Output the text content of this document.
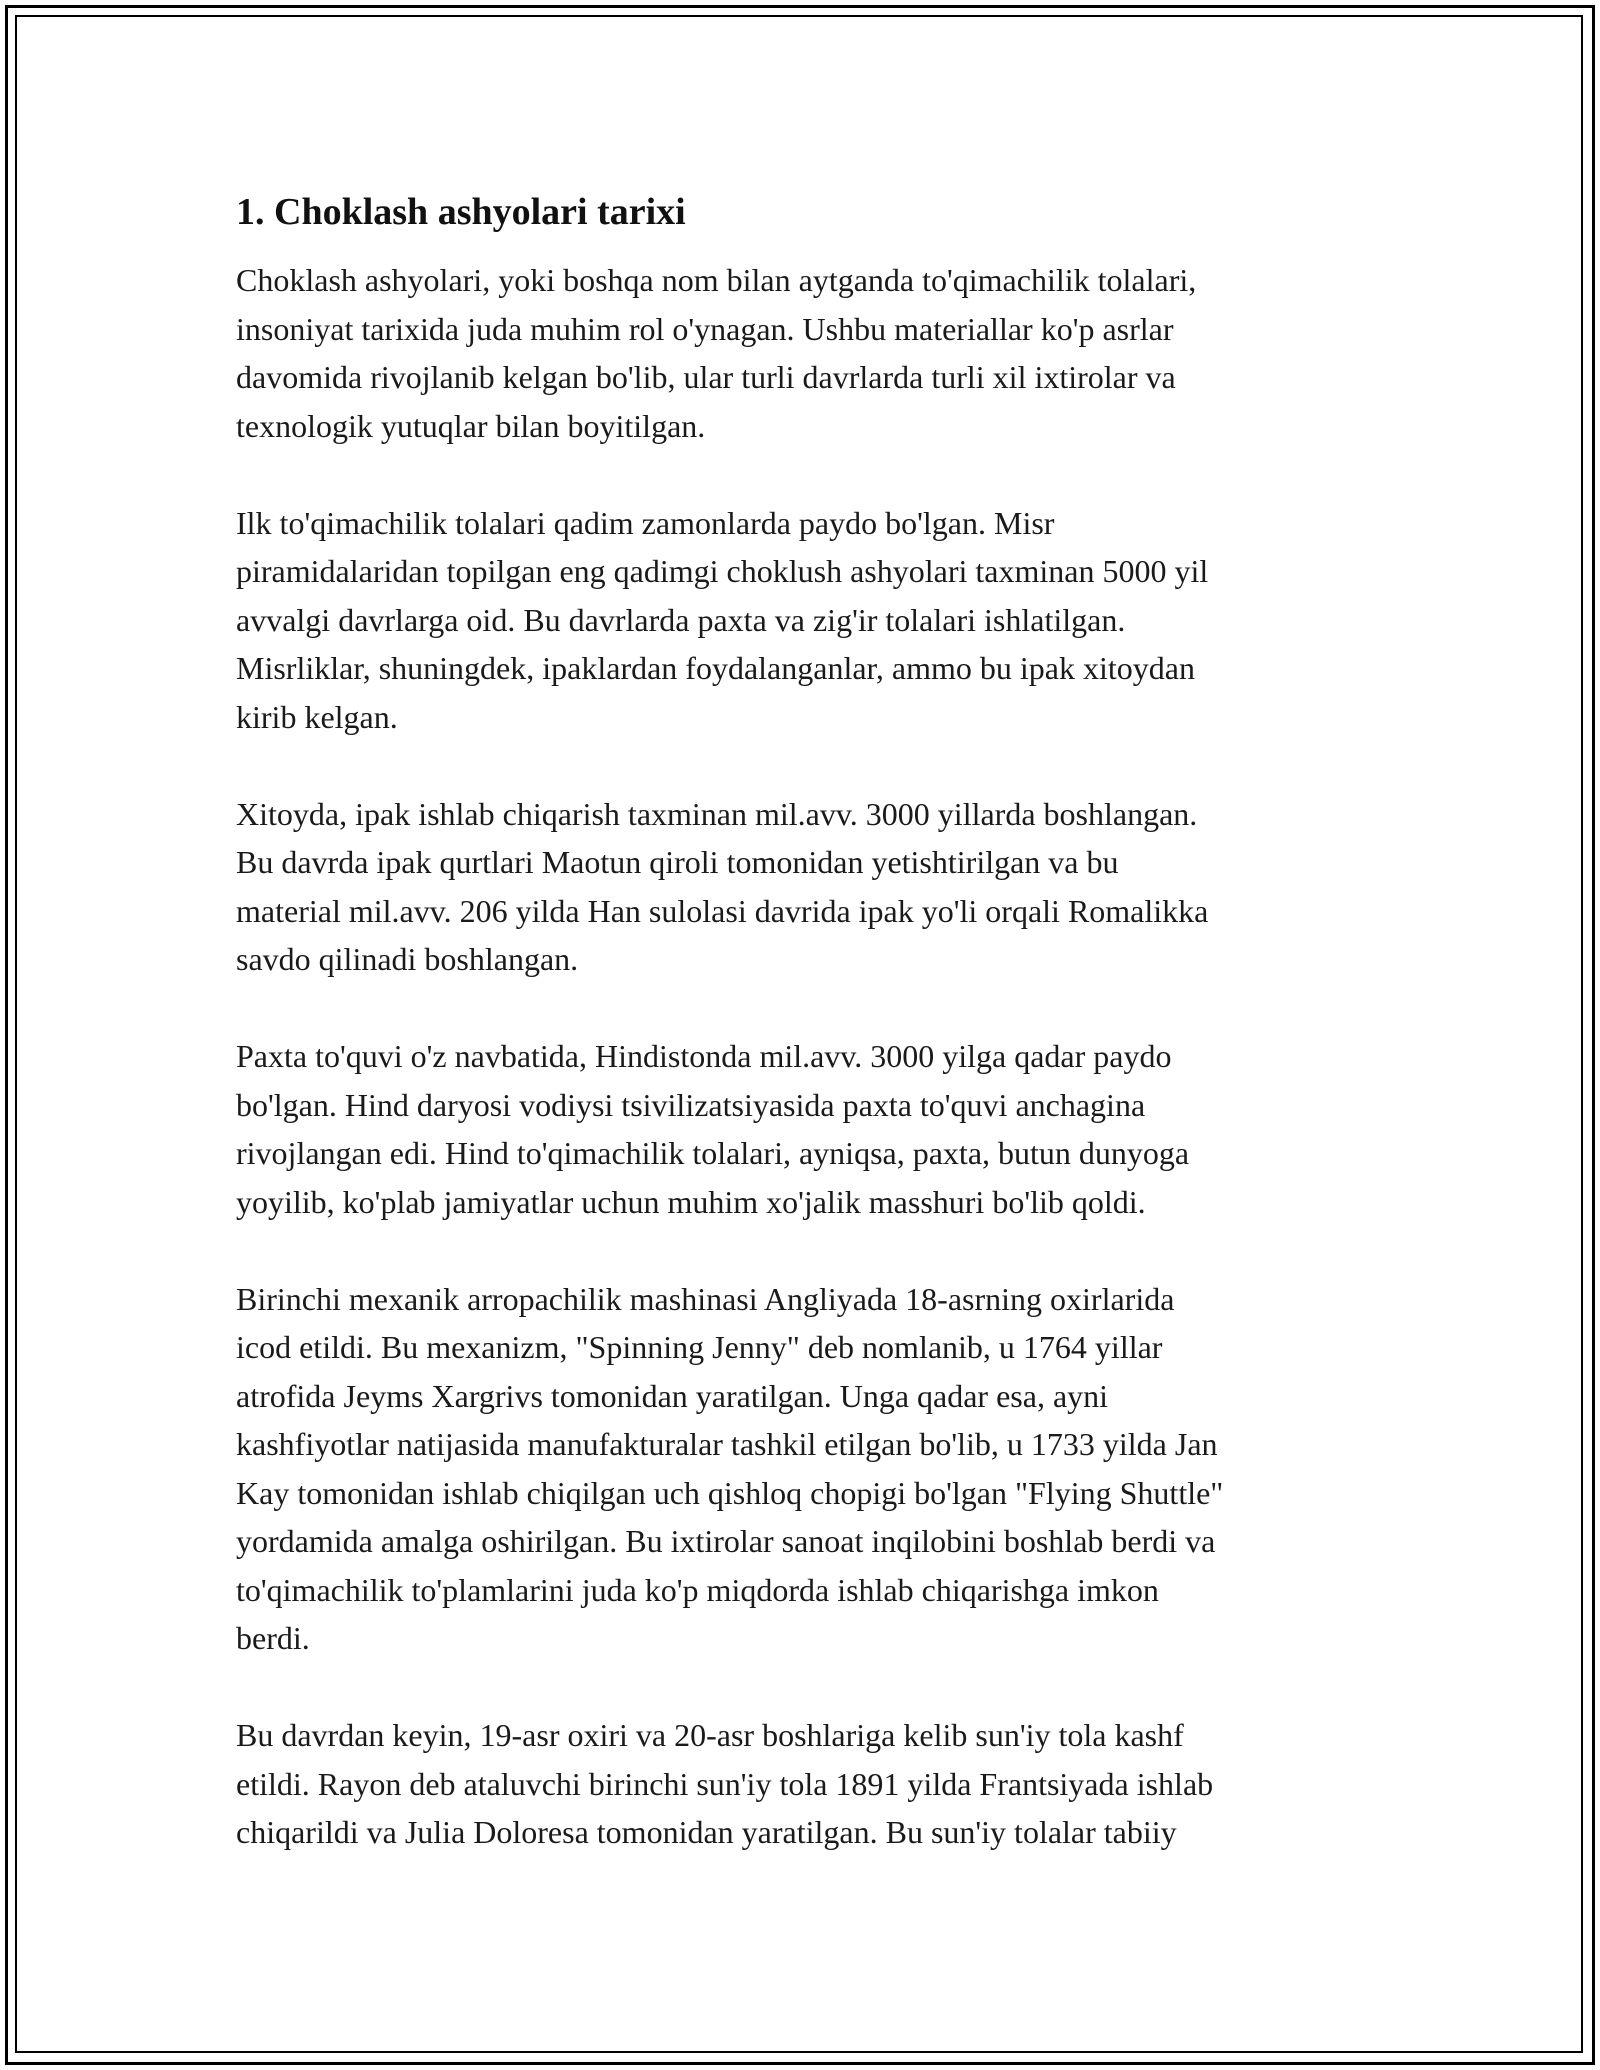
1. Choklash ashyolari tarixi

Choklash ashyolari, yoki boshqa nom bilan aytganda to'qimachilik tolalari,
insoniyat tarixida juda muhim rol o'ynagan. Ushbu materiallar ko'p asrlar
davomida rivojlanib kelgan bo'lib, ular turli davrlarda turli xil ixtirolar va
texnologik yutuqlar bilan boyitilgan.

Ilk to'qimachilik tolalari qadim zamonlarda paydo bo'lgan. Misr
piramidalaridan topilgan eng qadimgi choklush ashyolari taxminan 5000 yil
avvalgi davrlarga oid. Bu davrlarda paxta va zig'ir tolalari ishlatilgan.
Misrliklar, shuningdek, ipaklardan foydalanganlar, ammo bu ipak xitoydan
kirib kelgan.

Xitoyda, ipak ishlab chiqarish taxminan mil.avv. 3000 yillarda boshlangan.
Bu davrda ipak qurtlari Maotun qiroli tomonidan yetishtirilgan va bu
material mil.avv. 206 yilda Han sulolasi davrida ipak yo'li orqali Romalikka
savdo qilinadi boshlangan.

Paxta to'quvi o'z navbatida, Hindistonda mil.avv. 3000 yilga qadar paydo
bo'lgan. Hind daryosi vodiysi tsivilizatsiyasida paxta to'quvi anchagina
rivojlangan edi. Hind to'qimachilik tolalari, ayniqsa, paxta, butun dunyoga
yoyilib, ko'plab jamiyatlar uchun muhim xo'jalik masshuri bo'lib qoldi.

Birinchi mexanik arropachilik mashinasi Angliyada 18-asrning oxirlarida
icod etildi. Bu mexanizm, "Spinning Jenny" deb nomlanib, u 1764 yillar
atrofida Jeyms Xargrivs tomonidan yaratilgan. Unga qadar esa, ayni
kashfiyotlar natijasida manufakturalar tashkil etilgan bo'lib, u 1733 yilda Jan
Kay tomonidan ishlab chiqilgan uch qishloq chopigi bo'lgan "Flying Shuttle"
yordamida amalga oshirilgan. Bu ixtirolar sanoat inqilobini boshlab berdi va
to'qimachilik to'plamlarini juda ko'p miqdorda ishlab chiqarishga imkon
berdi.

Bu davrdan keyin, 19-asr oxiri va 20-asr boshlariga kelib sun'iy tola kashf
etildi. Rayon deb ataluvchi birinchi sun'iy tola 1891 yilda Frantsiyada ishlab
chiqarildi va Julia Doloresa tomonidan yaratilgan. Bu sun'iy tolalar tabiiy
